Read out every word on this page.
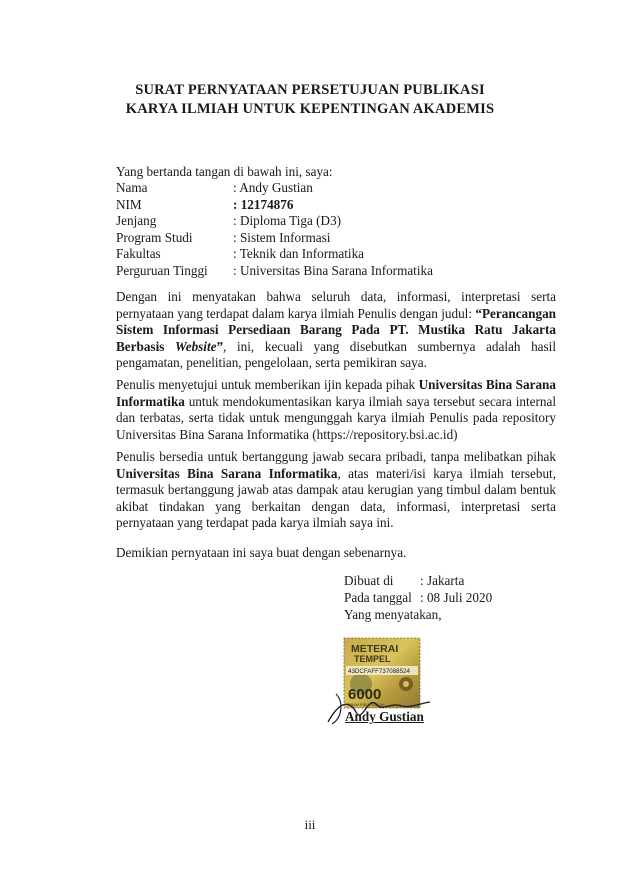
SURAT PERNYATAAN PERSETUJUAN PUBLIKASI
KARYA ILMIAH UNTUK KEPENTINGAN AKADEMIS
Yang bertanda tangan di bawah ini, saya:
Nama	: Andy Gustian
NIM	: 12174876
Jenjang	: Diploma Tiga (D3)
Program Studi	: Sistem Informasi
Fakultas	: Teknik dan Informatika
Perguruan Tinggi	: Universitas Bina Sarana Informatika
Dengan ini menyatakan bahwa seluruh data, informasi, interpretasi serta pernyataan yang terdapat dalam karya ilmiah Penulis dengan judul: “Perancangan Sistem Informasi Persediaan Barang Pada PT. Mustika Ratu Jakarta Berbasis Website”, ini, kecuali yang disebutkan sumbernya adalah hasil pengamatan, penelitian, pengelolaan, serta pemikiran saya.
Penulis menyetujui untuk memberikan ijin kepada pihak Universitas Bina Sarana Informatika untuk mendokumentasikan karya ilmiah saya tersebut secara internal dan terbatas, serta tidak untuk mengunggah karya ilmiah Penulis pada repository Universitas Bina Sarana Informatika (https://repository.bsi.ac.id)
Penulis bersedia untuk bertanggung jawab secara pribadi, tanpa melibatkan pihak Universitas Bina Sarana Informatika, atas materi/isi karya ilmiah tersebut, termasuk bertanggung jawab atas dampak atau kerugian yang timbul dalam bentuk akibat tindakan yang berkaitan dengan data, informasi, interpretasi serta pernyataan yang terdapat pada karya ilmiah saya ini.
Demikian pernyataan ini saya buat dengan sebenarnya.
Dibuat di	: Jakarta
Pada tanggal	: 08 Juli 2020
Yang menyatakan,
METERAI
TEMPEL
43DCFAFF737088524
6000
ENAM RIBU RUPIAH
Andy Gustian
iii
